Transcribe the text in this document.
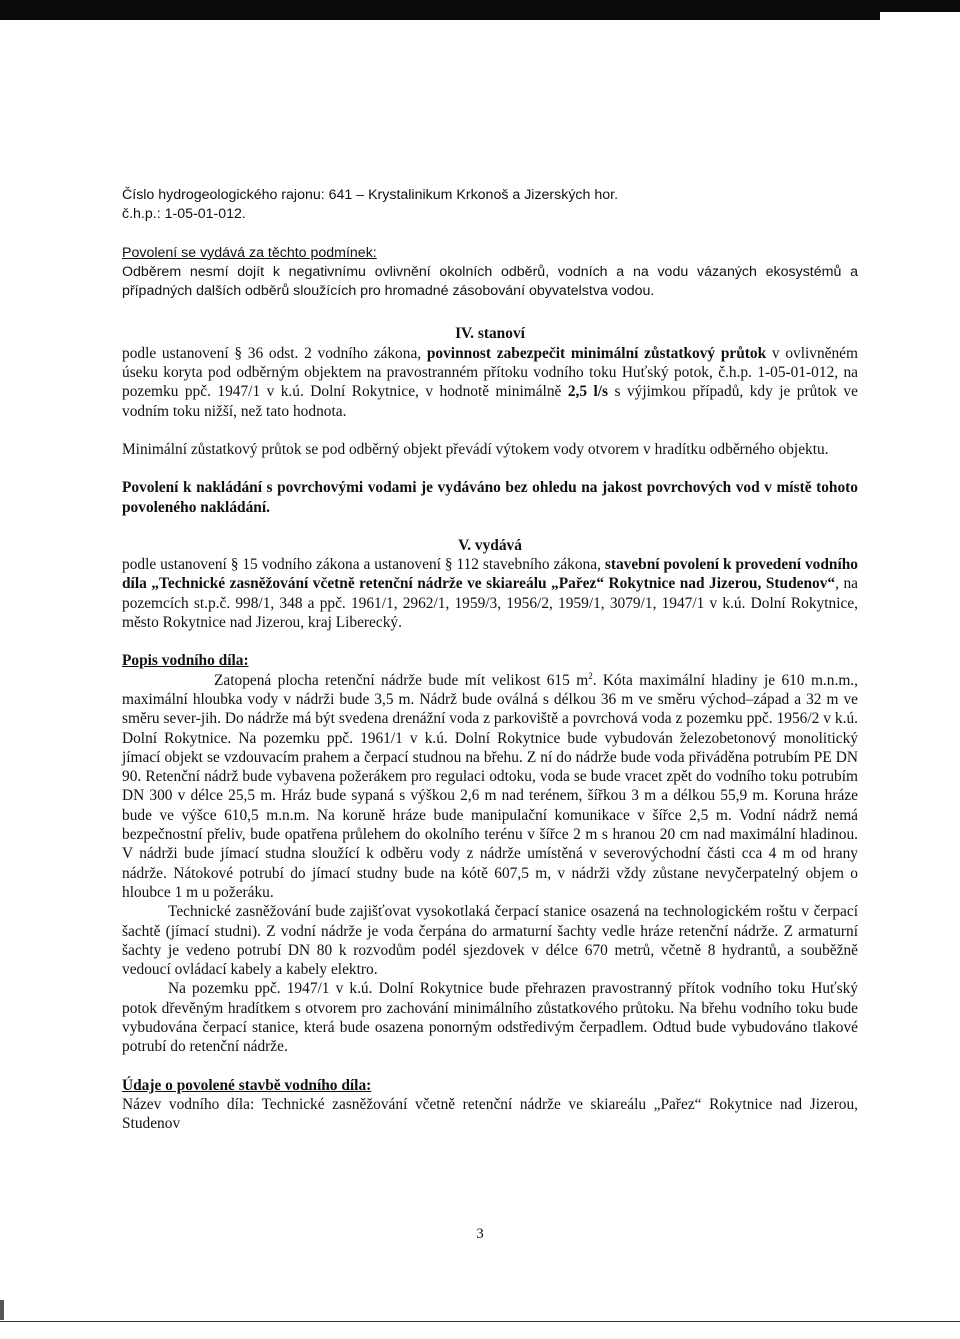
Číslo hydrogeologického rajonu: 641 – Krystalinikum Krkonoš a Jizerských hor.

č.h.p.: 1-05-01-012.

Povolení se vydává za těchto podmínek:

Odběrem nesmí dojít k negativnímu ovlivnění okolních odběrů, vodních a na vodu vázaných ekosystémů a případných dalších odběrů sloužících pro hromadné zásobování obyvatelstva vodou.

IV. stanoví

podle ustanovení § 36 odst. 2 vodního zákona, povinnost zabezpečit minimální zůstatkový průtok v ovlivněném úseku koryta pod odběrným objektem na pravostranném přítoku vodního toku Huťský potok, č.h.p. 1-05-01-012, na pozemku ppč. 1947/1 v k.ú. Dolní Rokytnice, v hodnotě minimálně 2,5 l/s s výjimkou případů, kdy je průtok ve vodním toku nižší, než tato hodnota.

Minimální zůstatkový průtok se pod odběrný objekt převádí výtokem vody otvorem v hradítku odběrného objektu.

Povolení k nakládání s povrchovými vodami je vydáváno bez ohledu na jakost povrchových vod v místě tohoto povoleného nakládání.

V. vydává

podle ustanovení § 15 vodního zákona a ustanovení § 112 stavebního zákona, stavební povolení k provedení vodního díla „Technické zasněžování včetně retenční nádrže ve skiareálu „Pařez“ Rokytnice nad Jizerou, Studenov“, na pozemcích st.p.č. 998/1, 348 a ppč. 1961/1, 2962/1, 1959/3, 1956/2, 1959/1, 3079/1, 1947/1 v k.ú. Dolní Rokytnice, město Rokytnice nad Jizerou, kraj Liberecký.

Popis vodního díla:

Zatopená plocha retenční nádrže bude mít velikost 615 $m^2$. Kóta maximální hladiny je 610 m.n.m., maximální hloubka vody v nádrži bude 3,5 m. Nádrž bude oválná s délkou 36 m ve směru východ–západ a 32 m ve směru sever-jih. Do nádrže má být svedena drenážní voda z parkoviště a povrchová voda z pozemku ppč. 1956/2 v k.ú. Dolní Rokytnice. Na pozemku ppč. 1961/1 v k.ú. Dolní Rokytnice bude vybudován železobetonový monolitický jímací objekt se vzdouvacím prahem a čerpací studnou na břehu. Z ní do nádrže bude voda přiváděna potrubím PE DN 90. Retenční nádrž bude vybavena požerákem pro regulaci odtoku, voda se bude vracet zpět do vodního toku potrubím DN 300 v délce 25,5 m. Hráz bude sypaná s výškou 2,6 m nad terénem, šířkou 3 m a délkou 55,9 m. Koruna hráze bude ve výšce 610,5 m.n.m. Na koruně hráze bude manipulační komunikace v šířce 2,5 m. Vodní nádrž nemá bezpečnostní přeliv, bude opatřena průlehem do okolního terénu v šířce 2 m s hranou 20 cm nad maximální hladinou. V nádrži bude jímací studna sloužící k odběru vody z nádrže umístěná v severovýchodní části cca 4 m od hrany nádrže. Nátokové potrubí do jímací studny bude na kótě 607,5 m, v nádrži vždy zůstane nevyčerpatelný objem o hloubce 1 m u požeráku.

Technické zasněžování bude zajišťovat vysokotlaká čerpací stanice osazená na technologickém roštu v čerpací šachtě (jímací studni). Z vodní nádrže je voda čerpána do armaturní šachty vedle hráze retenční nádrže. Z armaturní šachty je vedeno potrubí DN 80 k rozvodům podél sjezdovek v délce 670 metrů, včetně 8 hydrantů, a souběžně vedoucí ovládací kabely a kabely elektro.

Na pozemku ppč. 1947/1 v k.ú. Dolní Rokytnice bude přehrazen pravostranný přítok vodního toku Huťský potok dřevěným hradítkem s otvorem pro zachování minimálního zůstatkového průtoku. Na břehu vodního toku bude vybudována čerpací stanice, která bude osazena ponorným odstředivým čerpadlem. Odtud bude vybudováno tlakové potrubí do retenční nádrže.

Údaje o povolené stavbě vodního díla:

Název vodního díla: Technické zasněžování včetně retenční nádrže ve skiareálu „Pařez“ Rokytnice nad Jizerou, Studenov

3
